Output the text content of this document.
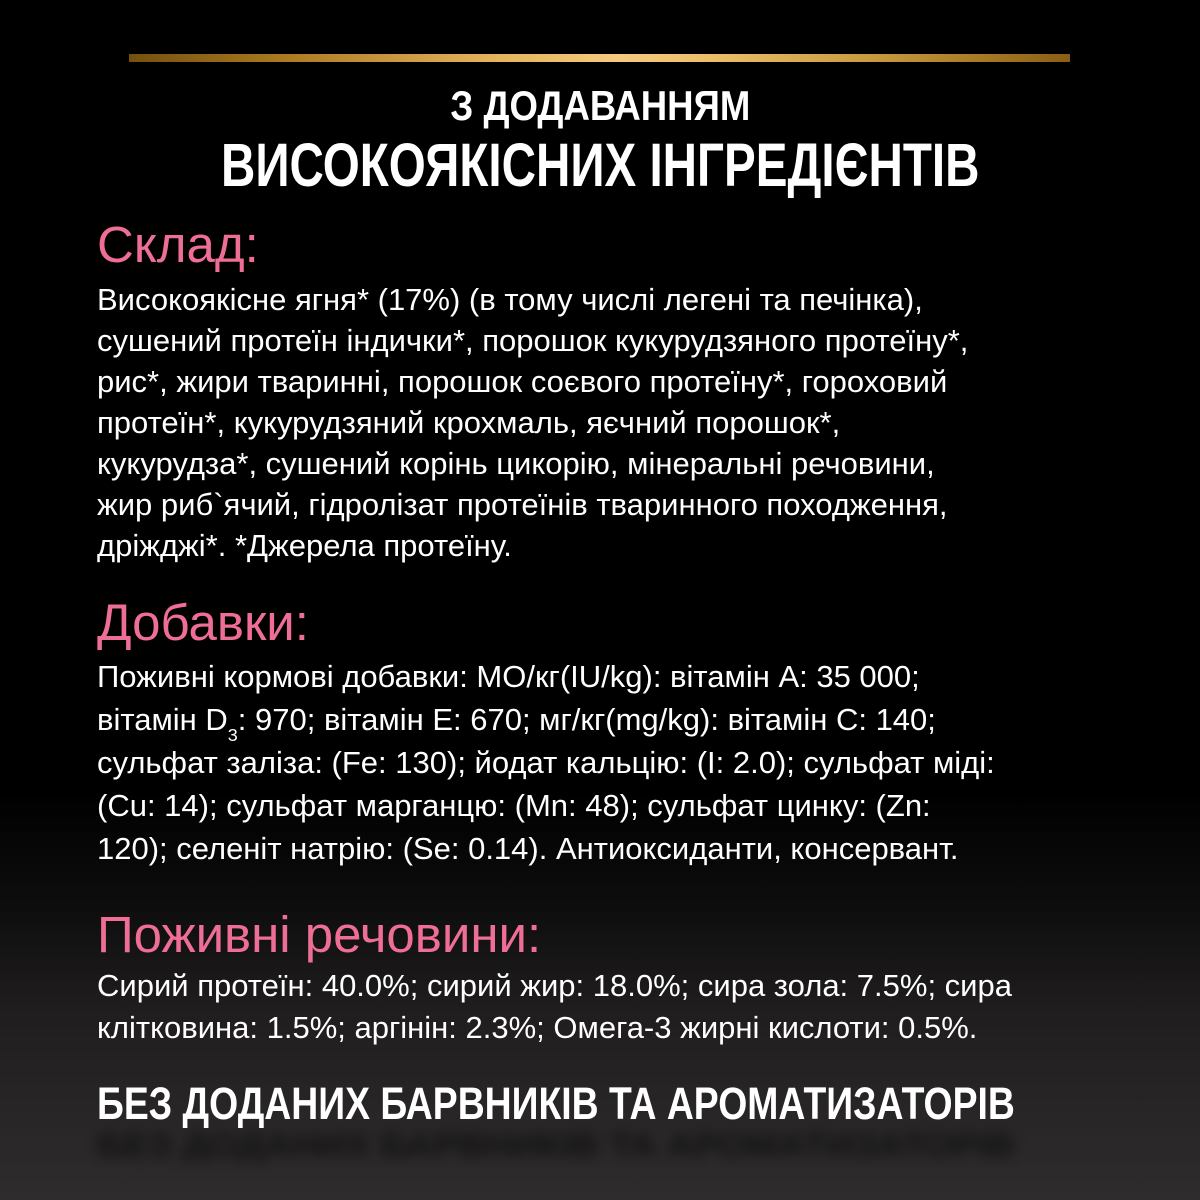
З ДОДАВАННЯМ
ВИСОКОЯКІСНИХ ІНГРЕДІЄНТІВ
Склад:
Високоякісне ягня* (17%) (в тому числі легені та печінка),
сушений протеїн індички*, порошок кукурудзяного протеїну*,
рис*, жири тваринні, порошок соєвого протеїну*, гороховий
протеїн*, кукурудзяний крохмаль, яєчний порошок*,
кукурудза*, сушений корінь цикорію, мінеральні речовини,
жир риб`ячий, гідролізат протеїнів тваринного походження,
дріжджі*. *Джерела протеїну.
Добавки:
Поживні кормові добавки: МО/кг(IU/kg): вітамін A: 35 000;
вітамін $D_3$: 970; вітамін E: 670; мг/кг(mg/kg): вітамін C: 140;
сульфат заліза: (Fe: 130); йодат кальцію: (I: 2.0); сульфат міді:
(Cu: 14); сульфат марганцю: (Mn: 48); сульфат цинку: (Zn:
120); селеніт натрію: (Se: 0.14). Антиоксиданти, консервант.
Поживні речовини:
Сирий протеїн: 40.0%; сирий жир: 18.0%; сира зола: 7.5%; сира
клітковина: 1.5%; аргінін: 2.3%; Омега-3 жирні кислоти: 0.5%.
БЕЗ ДОДАНИХ БАРВНИКІВ ТА АРОМАТИЗАТОРІВ
БЕЗ ДОДАНИХ БАРВНИКІВ ТА АРОМАТИЗАТОРІВ
